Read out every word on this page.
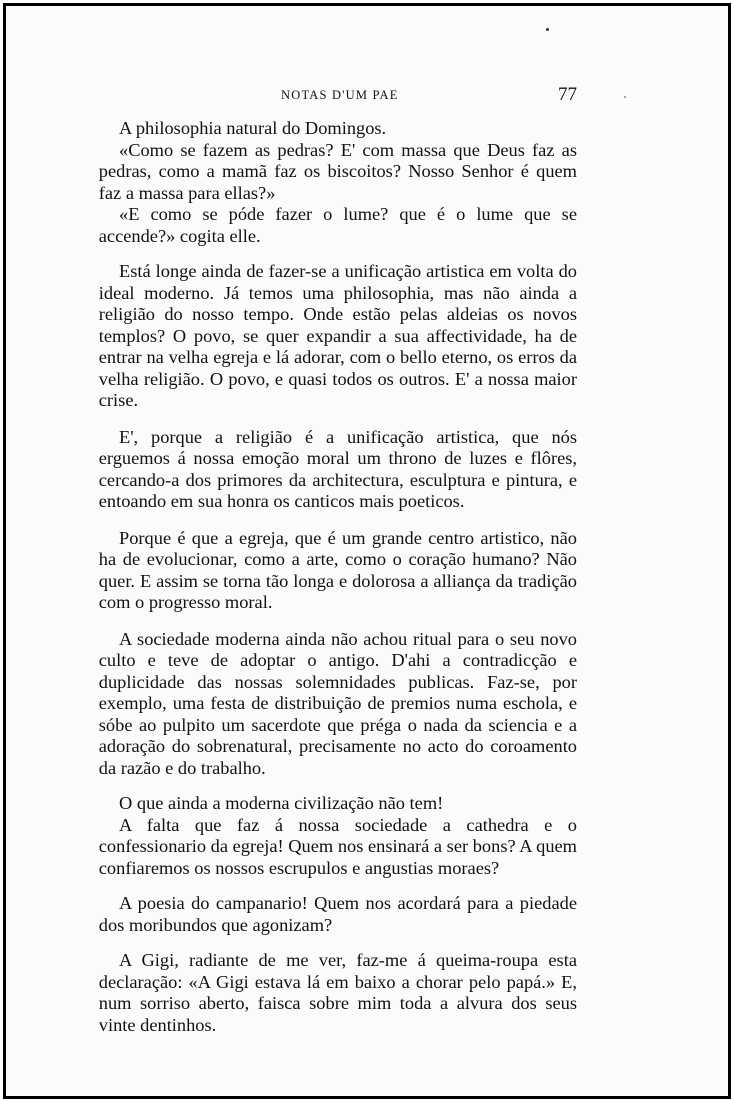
NOTAS D'UM PAE	77

A philosophia natural do Domingos.

«Como se fazem as pedras? E' com massa que Deus faz as pedras, como a mamã faz os biscoitos? Nosso Senhor é quem faz a massa para ellas?»

«E como se póde fazer o lume? que é o lume que se accende?» cogita elle.

Está longe ainda de fazer-se a unificação artistica em volta do ideal moderno. Já temos uma philosophia, mas não ainda a religião do nosso tempo. Onde estão pelas aldeias os novos templos? O povo, se quer expandir a sua affectividade, ha de entrar na velha egreja e lá adorar, com o bello eterno, os erros da velha religião. O povo, e quasi todos os outros. E' a nossa maior crise.

E', porque a religião é a unificação artistica, que nós erguemos á nossa emoção moral um throno de luzes e flôres, cercando-a dos primores da architectura, esculptura e pintura, e entoando em sua honra os canticos mais poeticos.

Porque é que a egreja, que é um grande centro artistico, não ha de evolucionar, como a arte, como o coração humano? Não quer. E assim se torna tão longa e dolorosa a alliança da tradição com o progresso moral.

A sociedade moderna ainda não achou ritual para o seu novo culto e teve de adoptar o antigo. D'ahi a contradicção e duplicidade das nossas solemnidades publicas. Faz-se, por exemplo, uma festa de distribuição de premios numa eschola, e sóbe ao pulpito um sacerdote que préga o nada da sciencia e a adoração do sobrenatural, precisamente no acto do coroamento da razão e do trabalho.

O que ainda a moderna civilização não tem!

A falta que faz á nossa sociedade a cathedra e o confessionario da egreja! Quem nos ensinará a ser bons? A quem confiaremos os nossos escrupulos e angustias moraes?

A poesia do campanario! Quem nos acordará para a piedade dos moribundos que agonizam?

A Gigi, radiante de me ver, faz-me á queima-roupa esta declaração: «A Gigi estava lá em baixo a chorar pelo papá.» E, num sorriso aberto, faisca sobre mim toda a alvura dos seus vinte dentinhos.
